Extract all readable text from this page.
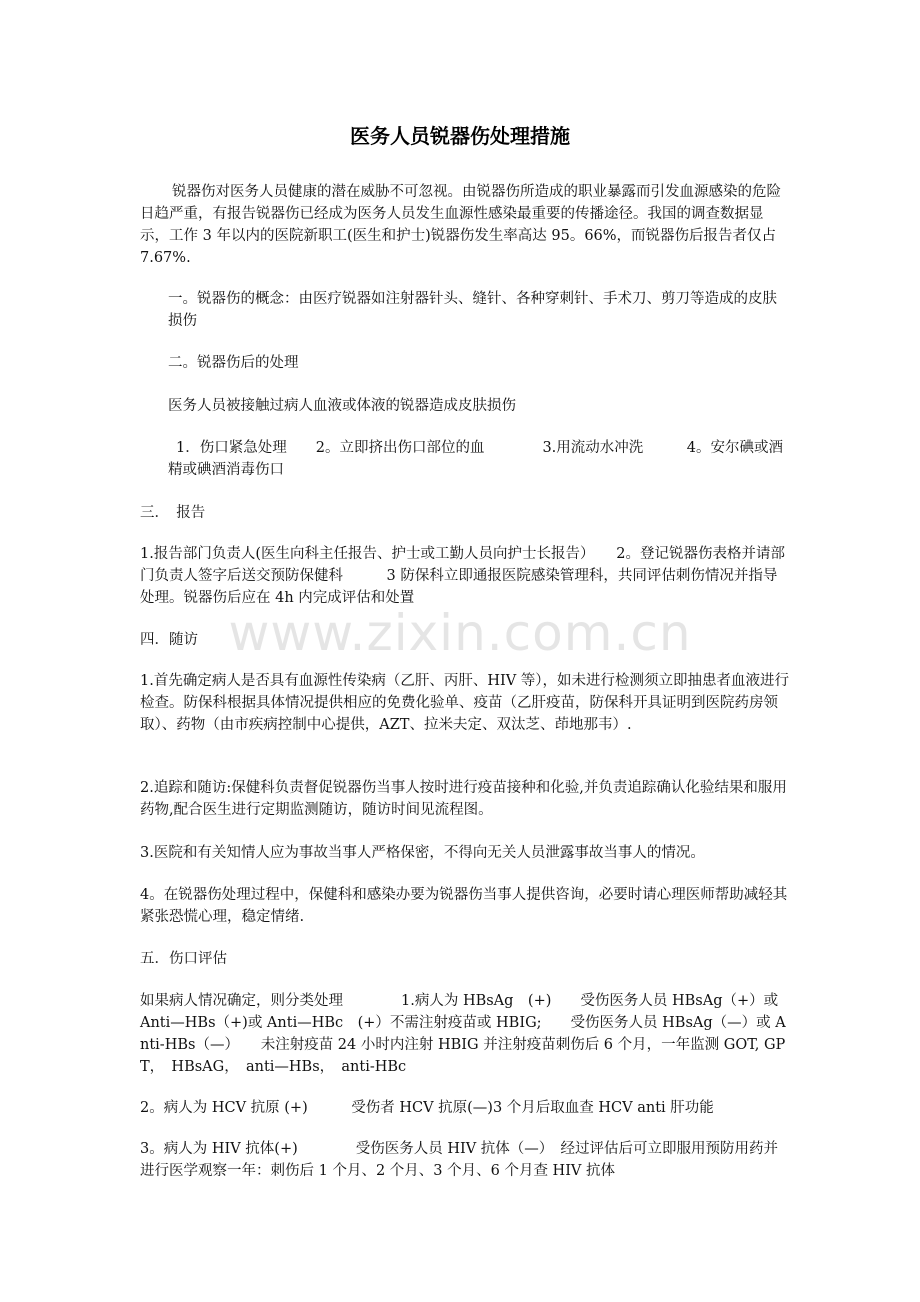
医务人员锐器伤处理措施

锐器伤对医务人员健康的潜在威胁不可忽视。由锐器伤所造成的职业暴露而引发血源感染的危险日趋严重，有报告锐器伤已经成为医务人员发生血源性感染最重要的传播途径。我国的调查数据显示，工作 3 年以内的医院新职工(医生和护士)锐器伤发生率高达 95。66%，而锐器伤后报告者仅占 7.67%.

一。锐器伤的概念：由医疗锐器如注射器针头、缝针、各种穿刺针、手术刀、剪刀等造成的皮肤损伤

二。锐器伤后的处理

医务人员被接触过病人血液或体液的锐器造成皮肤损伤

1．伤口紧急处理　　2。立即挤出伤口部位的血　　　　3.用流动水冲洗　　　4。安尔碘或酒精或碘酒消毒伤口

三．　报告

1.报告部门负责人(医生向科主任报告、护士或工勤人员向护士长报告）　　2。登记锐器伤表格并请部门负责人签字后送交预防保健科　　　3 防保科立即通报医院感染管理科，共同评估刺伤情况并指导处理。锐器伤后应在 4h 内完成评估和处置

四．随访

1.首先确定病人是否具有血源性传染病（乙肝、丙肝、HIV 等），如未进行检测须立即抽患者血液进行检查。防保科根据具体情况提供相应的免费化验单、疫苗（乙肝疫苗，防保科开具证明到医院药房领取）、药物（由市疾病控制中心提供，AZT、拉米夫定、双汰芝、茚地那韦）.

2.追踪和随访:保健科负责督促锐器伤当事人按时进行疫苗接种和化验,并负责追踪确认化验结果和服用药物,配合医生进行定期监测随访，随访时间见流程图。

3.医院和有关知情人应为事故当事人严格保密，不得向无关人员泄露事故当事人的情况。

4。在锐器伤处理过程中，保健科和感染办要为锐器伤当事人提供咨询，必要时请心理医师帮助减轻其紧张恐慌心理，稳定情绪.

五．伤口评估

如果病人情况确定，则分类处理　　　　1.病人为 HBsAg　(+)　　受伤医务人员 HBsAg（+）或 Anti—HBs（+)或 Anti—HBc　(+）不需注射疫苗或 HBIG;　　受伤医务人员 HBsAg（—）或 Anti-HBs（—）　　未注射疫苗 24 小时内注射 HBIG 并注射疫苗刺伤后 6 个月，一年监测 GOT, GPT，　HBsAG，　anti—HBs，　anti-HBc

2。病人为 HCV 抗原 (+)　　　受伤者 HCV 抗原(—)3 个月后取血查 HCV anti 肝功能

3。病人为 HIV 抗体(+)　　　　受伤医务人员 HIV 抗体（—）　经过评估后可立即服用预防用药并进行医学观察一年：刺伤后 1 个月、2 个月、3 个月、6 个月查 HIV 抗体

www.zixin.com.cn
